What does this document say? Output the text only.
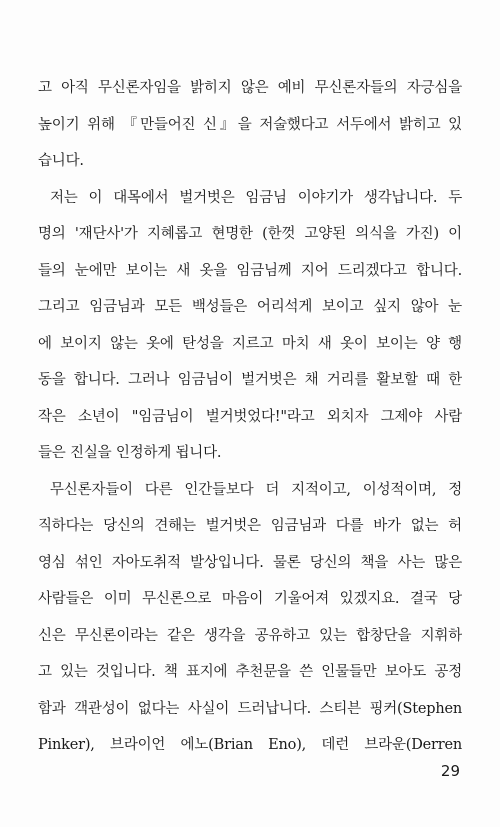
고 아직 무신론자임을 밝히지 않은 예비 무신론자들의 자긍심을
높이기 위해 『만들어진 신』을 저술했다고 서두에서 밝히고 있
습니다.
저는 이 대목에서 벌거벗은 임금님 이야기가 생각납니다. 두
명의 '재단사'가 지혜롭고 현명한 (한껏 고양된 의식을 가진) 이
들의 눈에만 보이는 새 옷을 임금님께 지어 드리겠다고 합니다.
그리고 임금님과 모든 백성들은 어리석게 보이고 싶지 않아 눈
에 보이지 않는 옷에 탄성을 지르고 마치 새 옷이 보이는 양 행
동을 합니다. 그러나 임금님이 벌거벗은 채 거리를 활보할 때 한
작은 소년이 "임금님이 벌거벗었다!"라고 외치자 그제야 사람
들은 진실을 인정하게 됩니다.
무신론자들이 다른 인간들보다 더 지적이고, 이성적이며, 정
직하다는 당신의 견해는 벌거벗은 임금님과 다를 바가 없는 허
영심 섞인 자아도취적 발상입니다. 물론 당신의 책을 사는 많은
사람들은 이미 무신론으로 마음이 기울어져 있겠지요. 결국 당
신은 무신론이라는 같은 생각을 공유하고 있는 합창단을 지휘하
고 있는 것입니다. 책 표지에 추천문을 쓴 인물들만 보아도 공정
함과 객관성이 없다는 사실이 드러납니다. 스티븐 핑커(Stephen
Pinker), 브라이언 에노(Brian Eno), 데런 브라운(Derren
29
